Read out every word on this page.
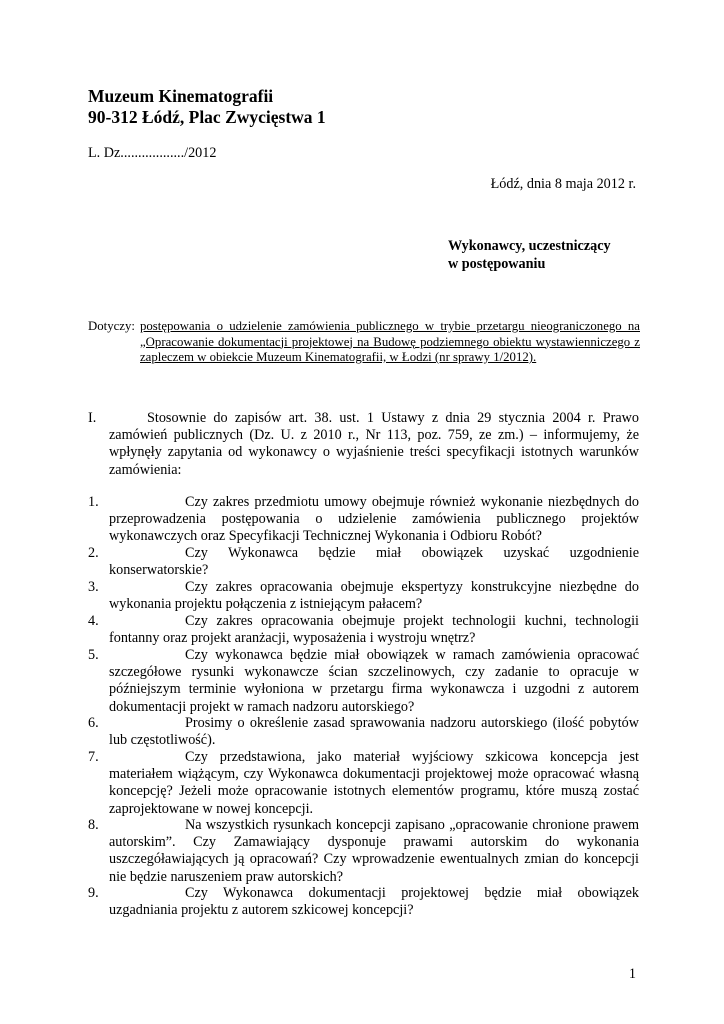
Muzeum Kinematografii
90-312 Łódź, Plac Zwycięstwa 1
L. Dz................../2012
Łódź, dnia 8 maja 2012 r.
Wykonawcy, uczestniczący
w postępowaniu
Dotyczy: postępowania o udzielenie zamówienia publicznego w trybie przetargu nieograniczonego na „Opracowanie dokumentacji projektowej na Budowę podziemnego obiektu wystawienniczego z zapleczem w obiekcie Muzeum Kinematografii, w Łodzi (nr sprawy 1/2012).
I.	Stosownie do zapisów art. 38. ust. 1 Ustawy z dnia 29 stycznia 2004 r. Prawo zamówień publicznych (Dz. U. z 2010 r., Nr 113, poz. 759, ze zm.) – informujemy, że wpłynęły zapytania od wykonawcy o wyjaśnienie treści specyfikacji istotnych warunków zamówienia:
1.	Czy zakres przedmiotu umowy obejmuje również wykonanie niezbędnych do przeprowadzenia postępowania o udzielenie zamówienia publicznego projektów wykonawczych oraz Specyfikacji Technicznej Wykonania i Odbioru Robót?
2.	Czy Wykonawca będzie miał obowiązek uzyskać uzgodnienie konserwatorskie?
3.	Czy zakres opracowania obejmuje ekspertyzy konstrukcyjne niezbędne do wykonania projektu połączenia z istniejącym pałacem?
4.	Czy zakres opracowania obejmuje projekt technologii kuchni, technologii fontanny oraz projekt aranżacji, wyposażenia i wystroju wnętrz?
5.	Czy wykonawca będzie miał obowiązek w ramach zamówienia opracować szczegółowe rysunki wykonawcze ścian szczelinowych, czy zadanie to opracuje w późniejszym terminie wyłoniona w przetargu firma wykonawcza i uzgodni z autorem dokumentacji projekt w ramach nadzoru autorskiego?
6.	Prosimy o określenie zasad sprawowania nadzoru autorskiego (ilość pobytów lub częstotliwość).
7.	Czy przedstawiona, jako materiał wyjściowy szkicowa koncepcja jest materiałem wiążącym, czy Wykonawca dokumentacji projektowej może opracować własną koncepcję? Jeżeli może opracowanie istotnych elementów programu, które muszą zostać zaprojektowane w nowej koncepcji.
8.	Na wszystkich rysunkach koncepcji zapisano „opracowanie chronione prawem autorskim”. Czy Zamawiający dysponuje prawami autorskim do wykonania uszczegóławiających ją opracowań? Czy wprowadzenie ewentualnych zmian do koncepcji nie będzie naruszeniem praw autorskich?
9.	Czy Wykonawca dokumentacji projektowej będzie miał obowiązek uzgadniania projektu z autorem szkicowej koncepcji?
1
